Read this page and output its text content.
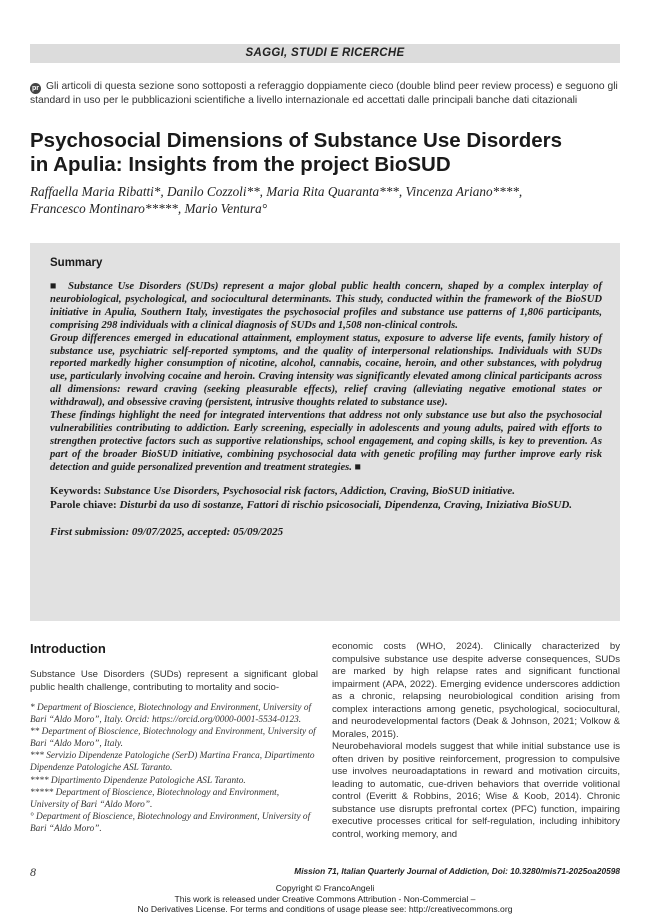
SAGGI, STUDI E RICERCHE
pr Gli articoli di questa sezione sono sottoposti a referaggio doppiamente cieco (double blind peer review process) e seguono gli standard in uso per le pubblicazioni scientifiche a livello internazionale ed accettati dalle principali banche dati citazionali
Psychosocial Dimensions of Substance Use Disorders
in Apulia: Insights from the project BioSUD
Raffaella Maria Ribatti*, Danilo Cozzoli**, Maria Rita Quaranta***, Vincenza Ariano****,
Francesco Montinaro*****, Mario Ventura°
Summary

■ Substance Use Disorders (SUDs) represent a major global public health concern, shaped by a complex interplay of neurobiological, psychological, and sociocultural determinants. This study, conducted within the framework of the BioSUD initiative in Apulia, Southern Italy, investigates the psychosocial profiles and substance use patterns of 1,806 participants, comprising 298 individuals with a clinical diagnosis of SUDs and 1,508 non-clinical controls.

Group differences emerged in educational attainment, employment status, exposure to adverse life events, family history of substance use, psychiatric self-reported symptoms, and the quality of interpersonal relationships. Individuals with SUDs reported markedly higher consumption of nicotine, alcohol, cannabis, cocaine, heroin, and other substances, with polydrug use, particularly involving cocaine and heroin. Craving intensity was significantly elevated among clinical participants across all dimensions: reward craving (seeking pleasurable effects), relief craving (alleviating negative emotional states or withdrawal), and obsessive craving (persistent, intrusive thoughts related to substance use).

These findings highlight the need for integrated interventions that address not only substance use but also the psychosocial vulnerabilities contributing to addiction. Early screening, especially in adolescents and young adults, paired with efforts to strengthen protective factors such as supportive relationships, school engagement, and coping skills, is key to prevention. As part of the broader BioSUD initiative, combining psychosocial data with genetic profiling may further improve early risk detection and guide personalized prevention and treatment strategies. ■

Keywords: Substance Use Disorders, Psychosocial risk factors, Addiction, Craving, BioSUD initiative.
Parole chiave: Disturbi da uso di sostanze, Fattori di rischio psicosociali, Dipendenza, Craving, Iniziativa BioSUD.
First submission: 09/07/2025, accepted: 05/09/2025
Introduction

Substance Use Disorders (SUDs) represent a significant global public health challenge, contributing to mortality and socio-

* Department of Bioscience, Biotechnology and Environment, University of Bari “Aldo Moro”, Italy. Orcid: https://orcid.org/0000-0001-5534-0123.
** Department of Bioscience, Biotechnology and Environment, University of Bari “Aldo Moro”, Italy.
*** Servizio Dipendenze Patologiche (SerD) Martina Franca, Dipartimento Dipendenze Patologiche ASL Taranto.
**** Dipartimento Dipendenze Patologiche ASL Taranto.
***** Department of Bioscience, Biotechnology and Environment, University of Bari “Aldo Moro”.
° Department of Bioscience, Biotechnology and Environment, University of Bari “Aldo Moro”.

economic costs (WHO, 2024). Clinically characterized by compulsive substance use despite adverse consequences, SUDs are marked by high relapse rates and significant functional impairment (APA, 2022). Emerging evidence underscores addiction as a chronic, relapsing neurobiological condition arising from complex interactions among genetic, psychological, sociocultural, and neurodevelopmental factors (Deak & Johnson, 2021; Volkow & Morales, 2015).

Neurobehavioral models suggest that while initial substance use is often driven by positive reinforcement, progression to compulsive use involves neuroadaptations in reward and motivation circuits, leading to automatic, cue-driven behaviors that override volitional control (Everitt & Robbins, 2016; Wise & Koob, 2014). Chronic substance use disrupts prefrontal cortex (PFC) function, impairing executive processes critical for self-regulation, including inhibitory control, working memory, and

8	Mission 71, Italian Quarterly Journal of Addiction, Doi: 10.3280/mis71-2025oa20598
Copyright © FrancoAngeli
This work is released under Creative Commons Attribution - Non-Commercial –
No Derivatives License. For terms and conditions of usage please see: http://creativecommons.org
